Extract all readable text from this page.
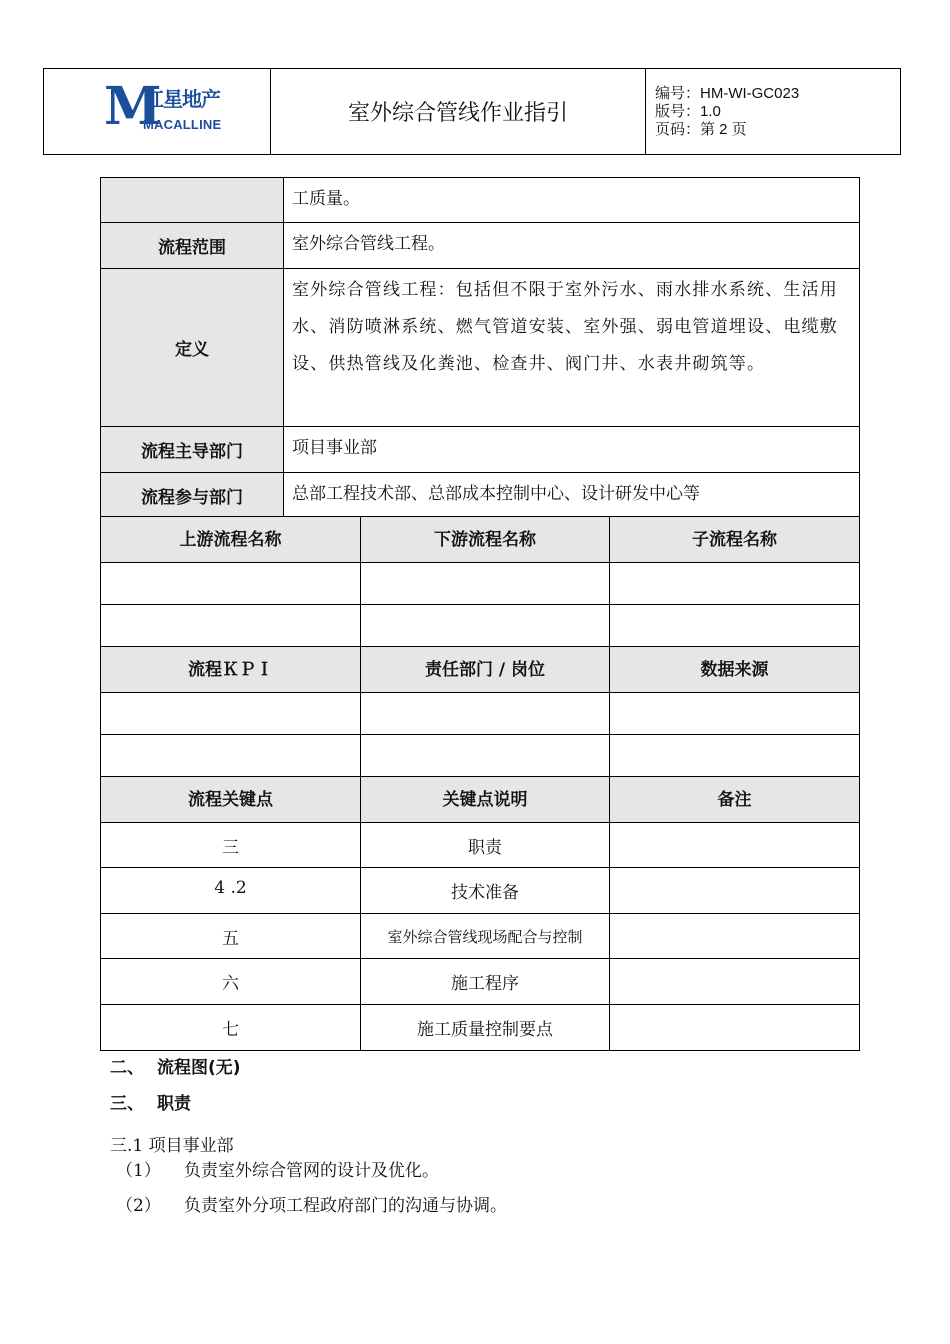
M
红星地产
MACALLINE	室外综合管线作业指引
编号：HM-WI-GC023
版号：1.0
页码：第 2 页
	工质量。
流程范围	室外综合管线工程。
定义	室外综合管线工程：包括但不限于室外污水、雨水排水系统、生活用水、消防喷淋系统、燃气管道安装、室外强、弱电管道埋设、电缆敷设、供热管线及化粪池、检查井、阀门井、水表井砌筑等。
流程主导部门	项目事业部
流程参与部门	总部工程技术部、总部成本控制中心、设计研发中心等
上游流程名称	下游流程名称	子流程名称

流程ＫＰＩ	责任部门 / 岗位	数据来源

流程关键点	关键点说明	备注
三	职责	
4 .2	技术准备	
五	室外综合管线现场配合与控制	
六	施工程序	
七	施工质量控制要点	
二、 流程图(无)
三、 职责
三.1 项目事业部
（1） 负责室外综合管网的设计及优化。
（2） 负责室外分项工程政府部门的沟通与协调。
